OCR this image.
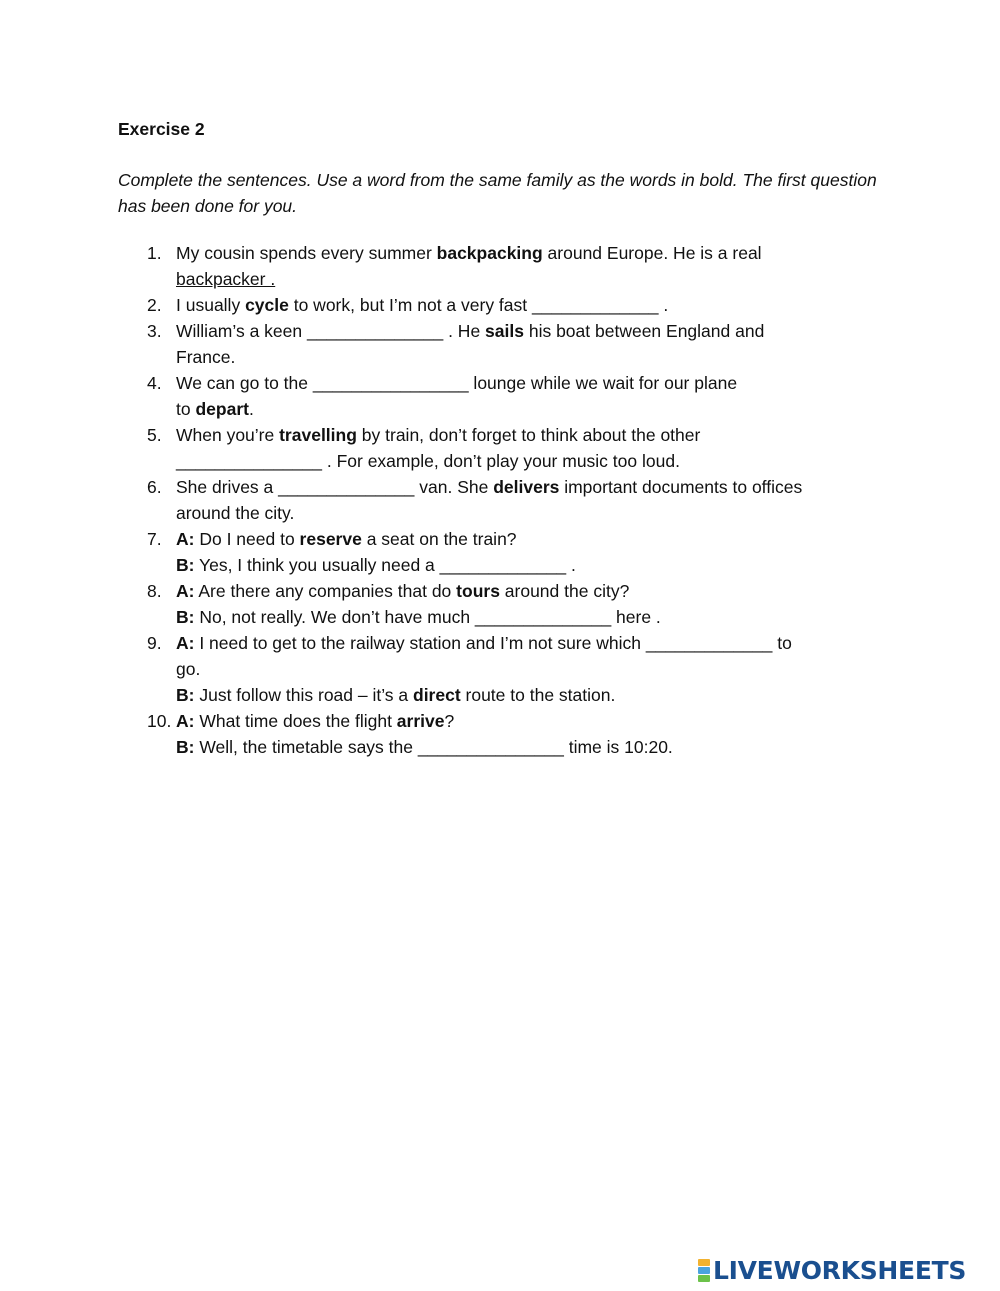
Exercise 2

Complete the sentences. Use a word from the same family as the words in bold. The first question has been done for you.

1. My cousin spends every summer backpacking around Europe. He is a real
backpacker .
2. I usually cycle to work, but I’m not a very fast _____________ .
3. William’s a keen ______________ . He sails his boat between England and
France.
4. We can go to the ________________ lounge while we wait for our plane
to depart.
5. When you’re travelling by train, don’t forget to think about the other
_______________ . For example, don’t play your music too loud.
6. She drives a ______________ van. She delivers important documents to offices
around the city.
7. A: Do I need to reserve a seat on the train?
B: Yes, I think you usually need a _____________ .
8. A: Are there any companies that do tours around the city?
B: No, not really. We don’t have much ______________ here .
9. A: I need to get to the railway station and I’m not sure which _____________ to
go.
B: Just follow this road – it’s a direct route to the station.
10. A: What time does the flight arrive?
B: Well, the timetable says the _______________ time is 10:20.
LIVEWORKSHEETS
